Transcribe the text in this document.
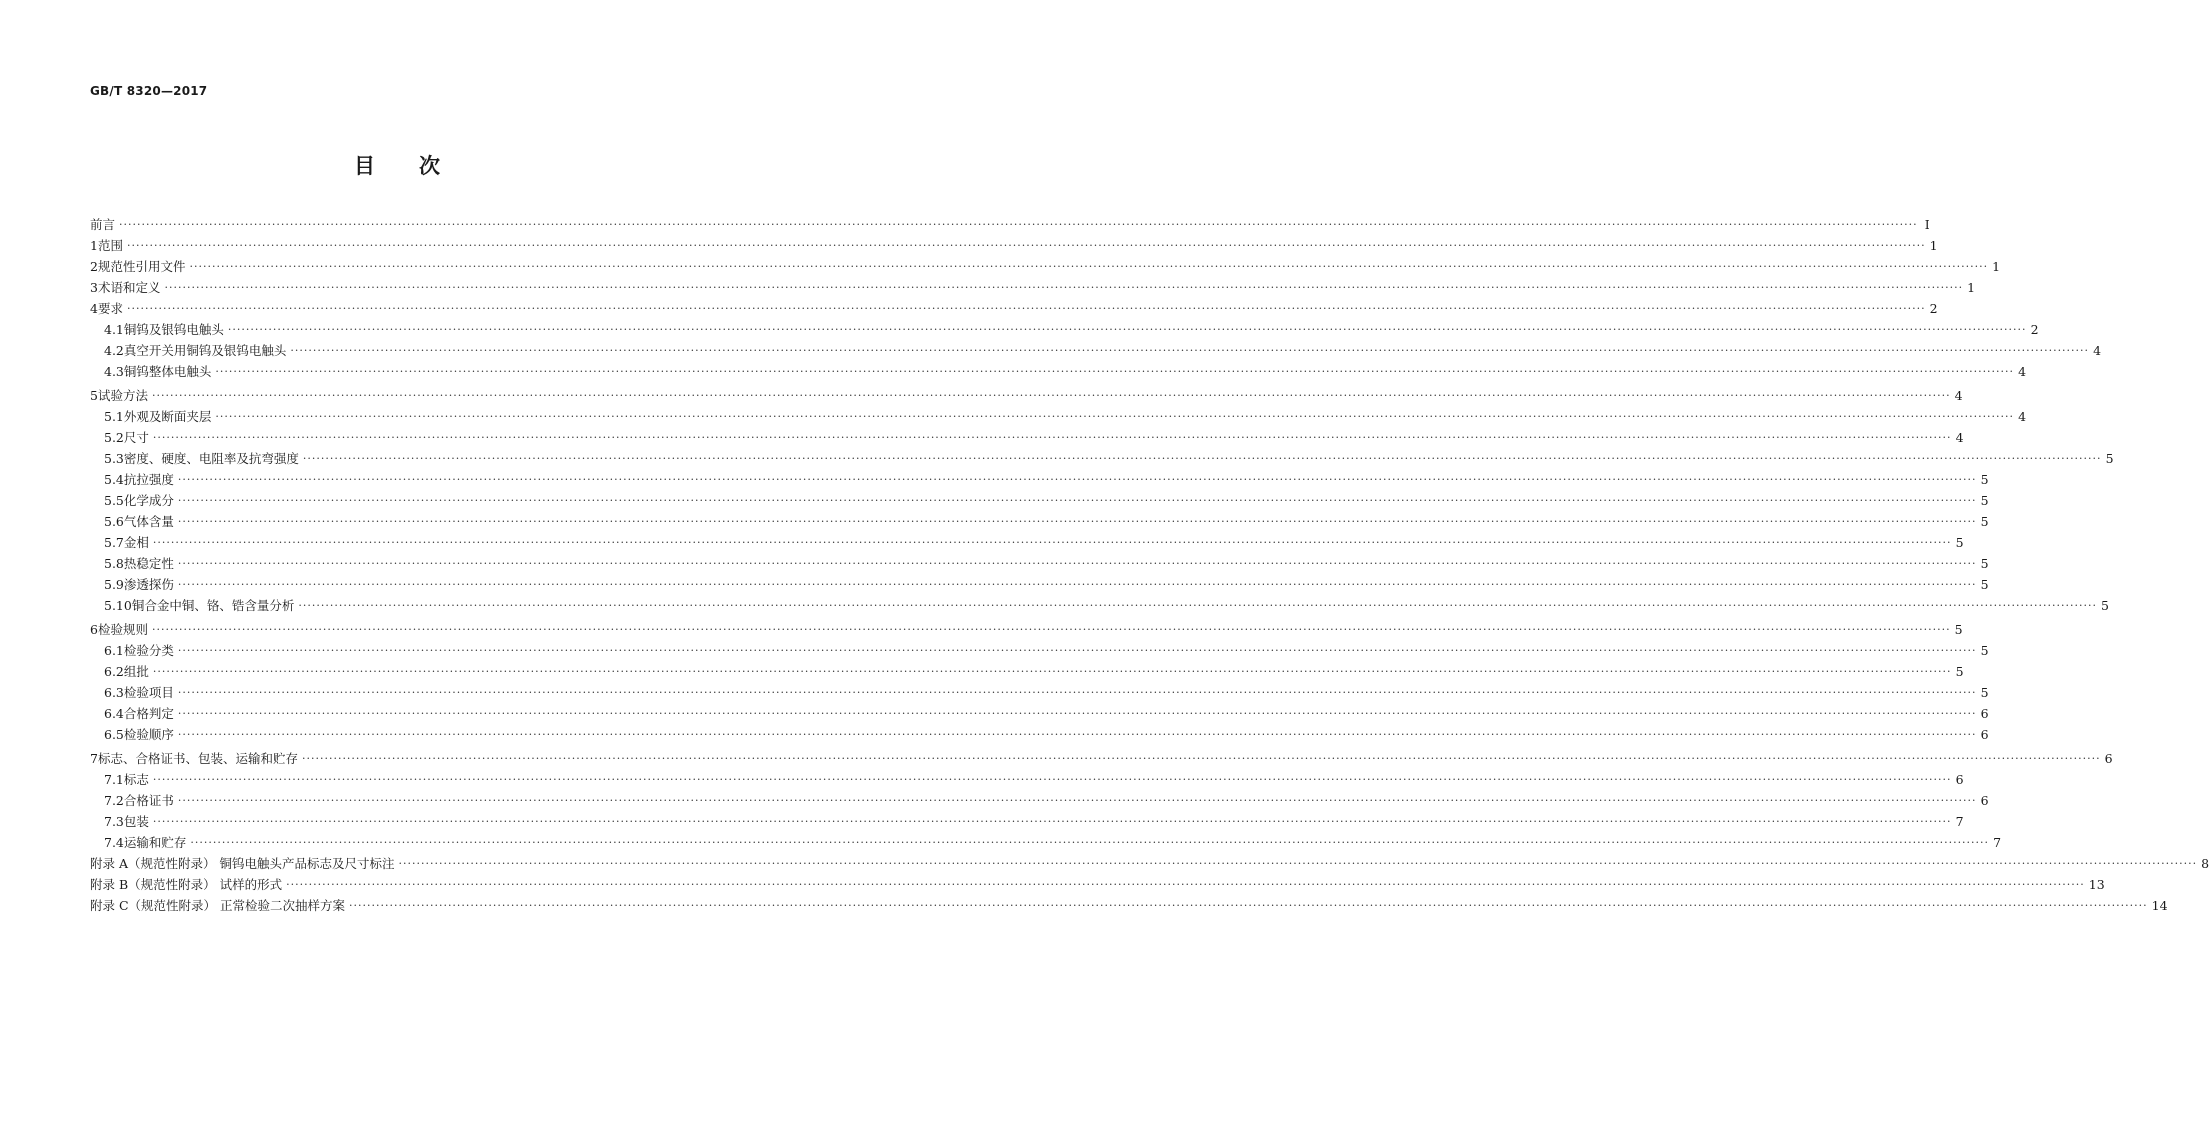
GB/T 8320—2017
目 次
前言 ················································································································································································································································································································································································································ Ⅰ
1 范围 ················································································································································································································································································································································································································ 1
2 规范性引用文件 ················································································································································································································································································································································································································ 1
3 术语和定义 ················································································································································································································································································································································································································ 1
4 要求 ················································································································································································································································································································································································································ 2
4.1 铜钨及银钨电触头 ················································································································································································································································································································································································································ 2
4.2 真空开关用铜钨及银钨电触头 ················································································································································································································································································································································································································ 4
4.3 铜钨整体电触头 ················································································································································································································································································································································································································ 4
5 试验方法 ················································································································································································································································································································································································································ 4
5.1 外观及断面夹层 ················································································································································································································································································································································································································ 4
5.2 尺寸 ················································································································································································································································································································································································································ 4
5.3 密度、硬度、电阻率及抗弯强度 ················································································································································································································································································································································································································ 5
5.4 抗拉强度 ················································································································································································································································································································································································································ 5
5.5 化学成分 ················································································································································································································································································································································································································ 5
5.6 气体含量 ················································································································································································································································································································································································································ 5
5.7 金相 ················································································································································································································································································································································································································ 5
5.8 热稳定性 ················································································································································································································································································································································································································ 5
5.9 渗透探伤 ················································································································································································································································································································································································································ 5
5.10 铜合金中铜、铬、锆含量分析 ················································································································································································································································································································································································································ 5
6 检验规则 ················································································································································································································································································································································································································ 5
6.1 检验分类 ················································································································································································································································································································································································································ 5
6.2 组批 ················································································································································································································································································································································································································ 5
6.3 检验项目 ················································································································································································································································································································································································································ 5
6.4 合格判定 ················································································································································································································································································································································································································ 6
6.5 检验顺序 ················································································································································································································································································································································································································ 6
7 标志、合格证书、包装、运输和贮存 ················································································································································································································································································································································································································ 6
7.1 标志 ················································································································································································································································································································································································································ 6
7.2 合格证书 ················································································································································································································································································································································································································ 6
7.3 包装 ················································································································································································································································································································································································································ 7
7.4 运输和贮存 ················································································································································································································································································································································································································ 7
附录 A（规范性附录） 铜钨电触头产品标志及尺寸标注 ················································································································································································································································································································································································································ 8
附录 B（规范性附录） 试样的形式 ················································································································································································································································································································································································································ 13
附录 C（规范性附录） 正常检验二次抽样方案 ················································································································································································································································································································································································································ 14
